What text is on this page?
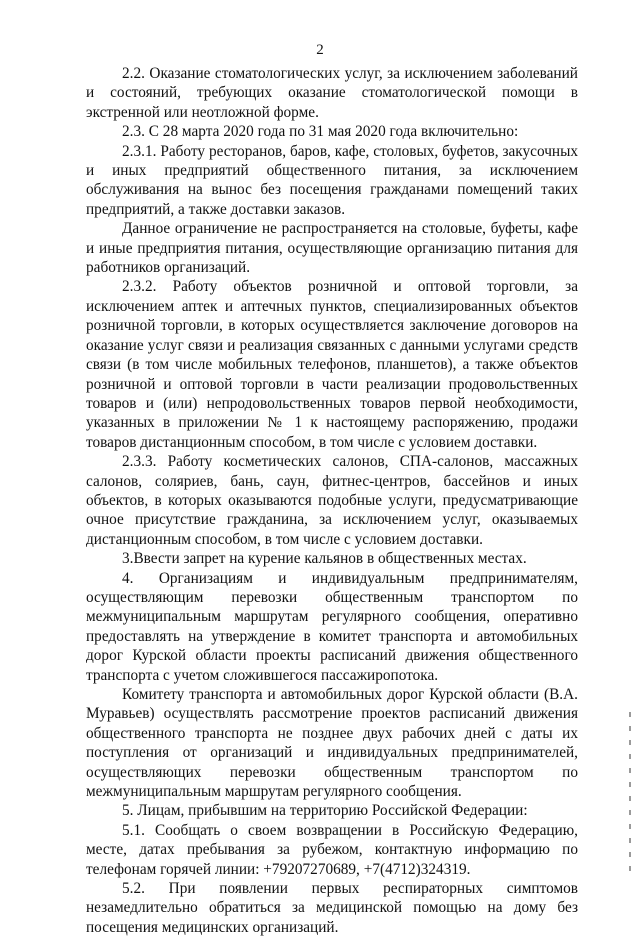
2

2.2. Оказание стоматологических услуг, за исключением заболеваний и состояний, требующих оказание стоматологической помощи в экстренной или неотложной форме.

2.3. С 28 марта 2020 года по 31 мая 2020 года включительно:

2.3.1. Работу ресторанов, баров, кафе, столовых, буфетов, закусочных и иных предприятий общественного питания, за исключением обслуживания на вынос без посещения гражданами помещений таких предприятий, а также доставки заказов.

Данное ограничение не распространяется на столовые, буфеты, кафе и иные предприятия питания, осуществляющие организацию питания для работников организаций.

2.3.2. Работу объектов розничной и оптовой торговли, за исключением аптек и аптечных пунктов, специализированных объектов розничной торговли, в которых осуществляется заключение договоров на оказание услуг связи и реализация связанных с данными услугами средств связи (в том числе мобильных телефонов, планшетов), а также объектов розничной и оптовой торговли в части реализации продовольственных товаров и (или) непродовольственных товаров первой необходимости, указанных в приложении № 1 к настоящему распоряжению, продажи товаров дистанционным способом, в том числе с условием доставки.

2.3.3. Работу косметических салонов, СПА-салонов, массажных салонов, соляриев, бань, саун, фитнес-центров, бассейнов и иных объектов, в которых оказываются подобные услуги, предусматривающие очное присутствие гражданина, за исключением услуг, оказываемых дистанционным способом, в том числе с условием доставки.

3.Ввести запрет на курение кальянов в общественных местах.

4. Организациям и индивидуальным предпринимателям, осуществляющим перевозки общественным транспортом по межмуниципальным маршрутам регулярного сообщения, оперативно предоставлять на утверждение в комитет транспорта и автомобильных дорог Курской области проекты расписаний движения общественного транспорта с учетом сложившегося пассажиропотока.

Комитету транспорта и автомобильных дорог Курской области (В.А. Муравьев) осуществлять рассмотрение проектов расписаний движения общественного транспорта не позднее двух рабочих дней с даты их поступления от организаций и индивидуальных предпринимателей, осуществляющих перевозки общественным транспортом по межмуниципальным маршрутам регулярного сообщения.

5. Лицам, прибывшим на территорию Российской Федерации:

5.1. Сообщать о своем возвращении в Российскую Федерацию, месте, датах пребывания за рубежом, контактную информацию по телефонам горячей линии: +79207270689, +7(4712)324319.

5.2. При появлении первых респираторных симптомов незамедлительно обратиться за медицинской помощью на дому без посещения медицинских организаций.
